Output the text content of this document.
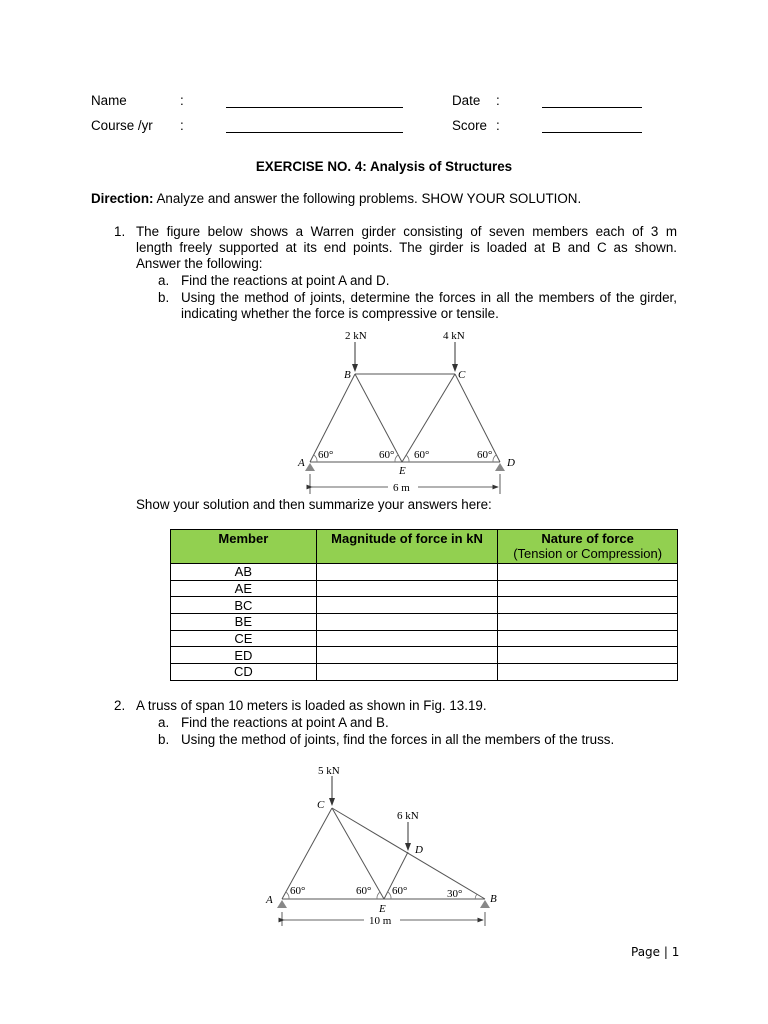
Name	:	Date :
Course /yr :	Score :
EXERCISE NO. 4: Analysis of Structures
Direction: Analyze and answer the following problems. SHOW YOUR SOLUTION.
1. The figure below shows a Warren girder consisting of seven members each of 3 m
length freely supported at its end points. The girder is loaded at B and C as shown.
Answer the following:
a. Find the reactions at point A and D.
b. Using the method of joints, determine the forces in all the members of the girder,
indicating whether the force is compressive or tensile.
2 kN	4 kN
B	C
A	D
E
60°	60° 60°	60°
6 m
Show your solution and then summarize your answers here:
Member	Magnitude of force in kN	Nature of force
(Tension or Compression)

AB		
AE		
BC		
BE		
CE		
ED		
CD		
2. A truss of span 10 meters is loaded as shown in Fig. 13.19.
a. Find the reactions at point A and B.
b. Using the method of joints, find the forces in all the members of the truss.
5 kN
6 kN
C
D
A	B
E
60°	60° 60°	30°
10 m
Page | 1
